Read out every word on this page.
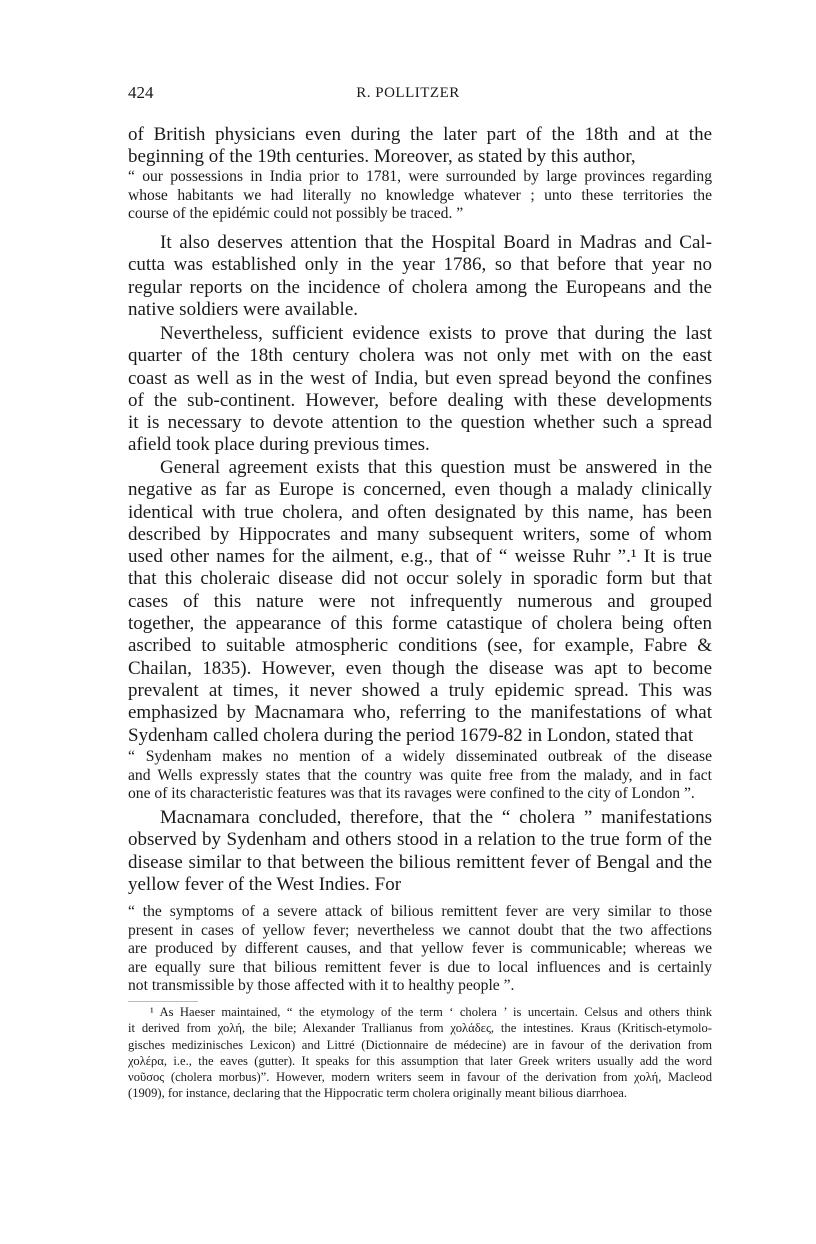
424	R. POLLITZER
of British physicians even during the later part of the 18th and at the
beginning of the 19th centuries. Moreover, as stated by this author,
“ our possessions in India prior to 1781, were surrounded by large provinces regarding
whose habitants we had literally no knowledge whatever ; unto these territories the
course of the epidémic could not possibly be traced. ”
It also deserves attention that the Hospital Board in Madras and Cal-
cutta was established only in the year 1786, so that before that year no
regular reports on the incidence of cholera among the Europeans and the
native soldiers were available.
Nevertheless, sufficient evidence exists to prove that during the last
quarter of the 18th century cholera was not only met with on the east
coast as well as in the west of India, but even spread beyond the confines
of the sub-continent. However, before dealing with these developments
it is necessary to devote attention to the question whether such a spread
afield took place during previous times.
General agreement exists that this question must be answered in the
negative as far as Europe is concerned, even though a malady clinically
identical with true cholera, and often designated by this name, has been
described by Hippocrates and many subsequent writers, some of whom
used other names for the ailment, e.g., that of “ weisse Ruhr ”.¹ It is true
that this choleraic disease did not occur solely in sporadic form but that
cases of this nature were not infrequently numerous and grouped
together, the appearance of this forme catastique of cholera being often
ascribed to suitable atmospheric conditions (see, for example, Fabre &
Chailan, 1835). However, even though the disease was apt to become
prevalent at times, it never showed a truly epidemic spread. This was
emphasized by Macnamara who, referring to the manifestations of what
Sydenham called cholera during the period 1679-82 in London, stated that
“ Sydenham makes no mention of a widely disseminated outbreak of the disease
and Wells expressly states that the country was quite free from the malady, and in fact
one of its characteristic features was that its ravages were confined to the city of London ”.
Macnamara concluded, therefore, that the “ cholera ” manifestations
observed by Sydenham and others stood in a relation to the true form of the
disease similar to that between the bilious remittent fever of Bengal and the
yellow fever of the West Indies. For
“ the symptoms of a severe attack of bilious remittent fever are very similar to those
present in cases of yellow fever; nevertheless we cannot doubt that the two affections
are produced by different causes, and that yellow fever is communicable; whereas we
are equally sure that bilious remittent fever is due to local influences and is certainly
not transmissible by those affected with it to healthy people ”.
¹ As Haeser maintained, “ the etymology of the term ‘ cholera ’ is uncertain. Celsus and others think
it derived from χολή, the bile; Alexander Trallianus from χολάδες, the intestines. Kraus (Kritisch-etymolo-
gisches medizinisches Lexicon) and Littré (Dictionnaire de médecine) are in favour of the derivation from
χολέρα, i.e., the eaves (gutter). It speaks for this assumption that later Greek writers usually add the word
νοῦσος (cholera morbus)”. However, modern writers seem in favour of the derivation from χολή, Macleod
(1909), for instance, declaring that the Hippocratic term cholera originally meant bilious diarrhoea.
